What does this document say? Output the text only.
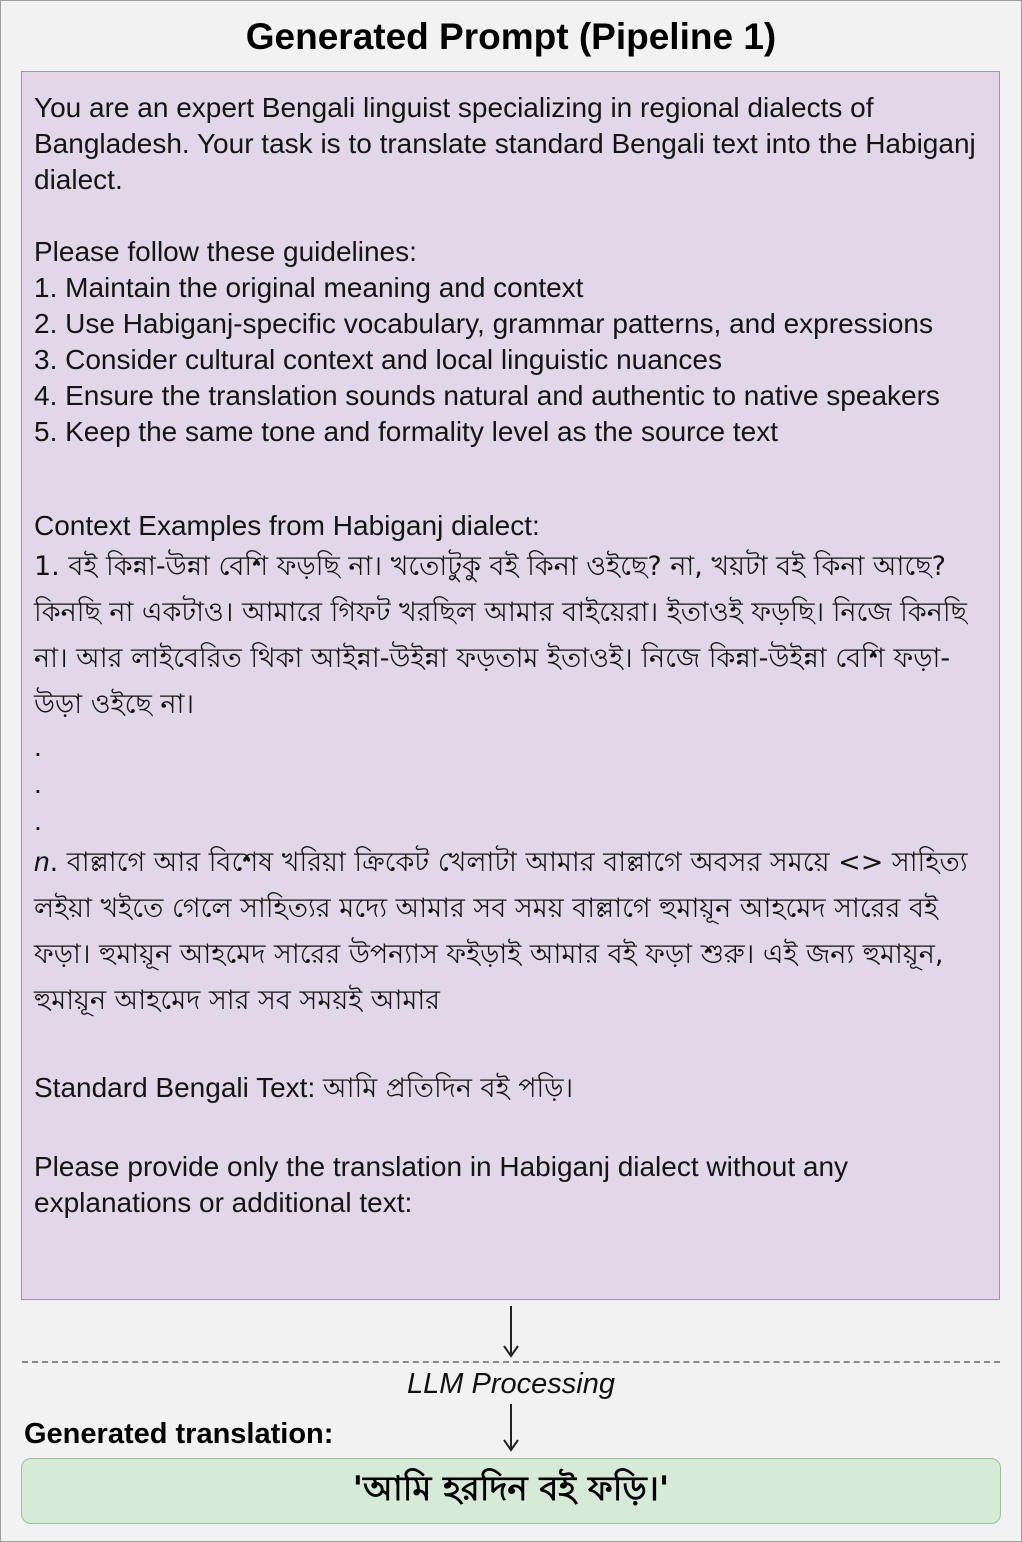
Generated Prompt (Pipeline 1)

You are an expert Bengali linguist specializing in regional dialects of Bangladesh. Your task is to translate standard Bengali text into the Habiganj dialect.

Please follow these guidelines:

1. Maintain the original meaning and context

2. Use Habiganj-specific vocabulary, grammar patterns, and expressions

3. Consider cultural context and local linguistic nuances

4. Ensure the translation sounds natural and authentic to native speakers

5. Keep the same tone and formality level as the source text

Context Examples from Habiganj dialect:

1. বই কিন্না-উন্না বেশি ফড়ছি না। খতোটুকু বই কিনা ওইছে? না, খয়টা বই কিনা আছে? কিনছি না একটাও। আমারে গিফট খরছিল আমার বাইয়েরা। ইতাওই ফড়ছি। নিজে কিনছি না। আর লাইবেরিত থিকা আইন্না-উইন্না ফড়তাম ইতাওই। নিজে কিন্না-উইন্না বেশি ফড়া-উড়া ওইছে না।

.

.

.

n. বাল্লাগে আর বিশেষ খরিয়া ক্রিকেট খেলাটা আমার বাল্লাগে অবসর সময়ে <> সাহিত্য লইয়া খইতে গেলে সাহিত্যর মদ্যে আমার সব সময় বাল্লাগে হুমায়ূন আহমেদ সারের বই ফড়া। হুমায়ূন আহমেদ সারের উপন্যাস ফইড়াই আমার বই ফড়া শুরু। এই জন্য হুমায়ূন, হুমায়ূন আহমেদ সার সব সময়ই আমার

Standard Bengali Text: আমি প্রতিদিন বই পড়ি।

Please provide only the translation in Habiganj dialect without any explanations or additional text:

LLM Processing
Generated translation:
'আমি হরদিন বই ফড়ি।'
